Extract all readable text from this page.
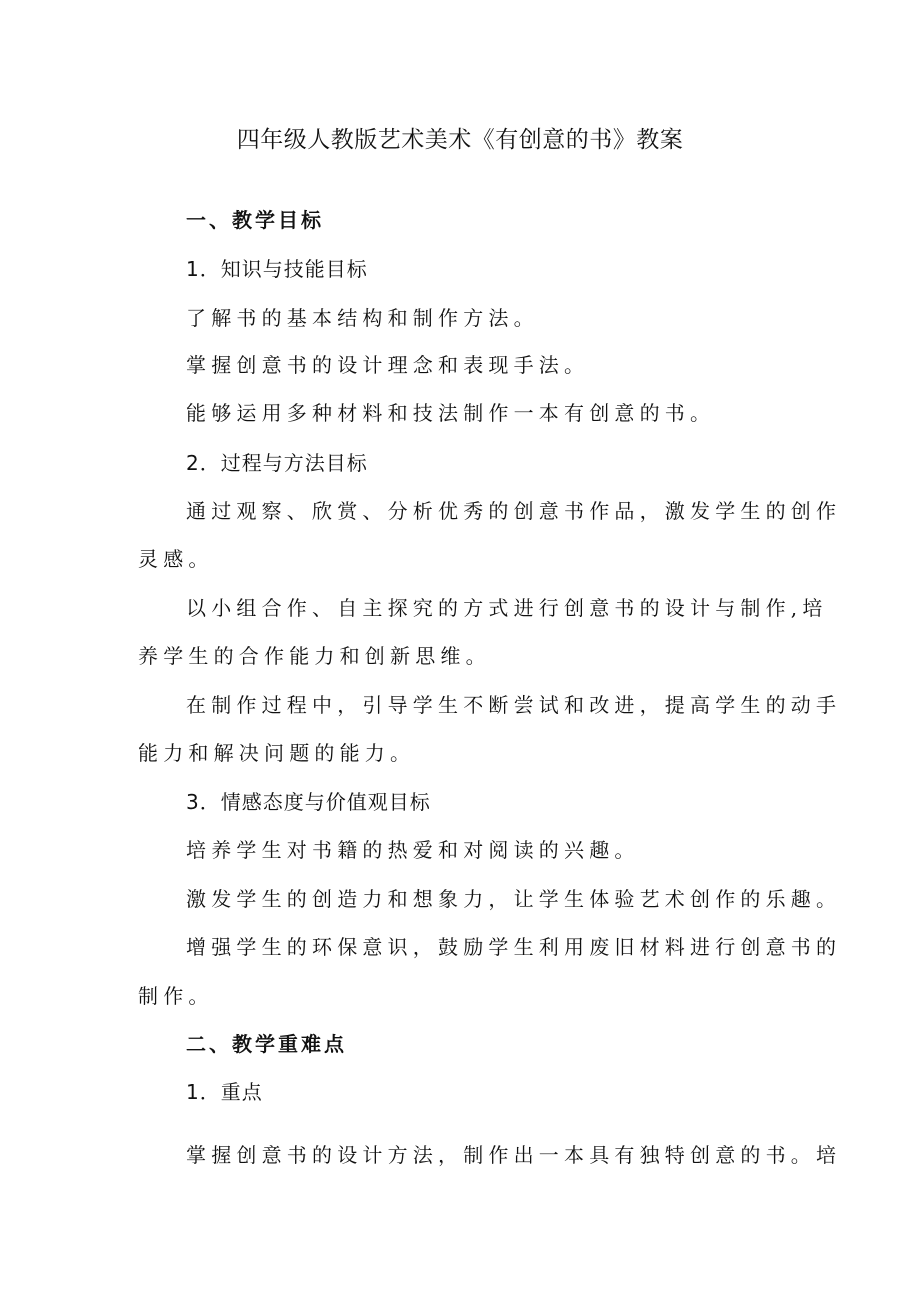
四年级人教版艺术美术《有创意的书》教案
一、教学目标
1．知识与技能目标
了解书的基本结构和制作方法。
掌握创意书的设计理念和表现手法。
能够运用多种材料和技法制作一本有创意的书。
2．过程与方法目标
通过观察、欣赏、分析优秀的创意书作品，激发学生的创作
灵感。
以小组合作、自主探究的方式进行创意书的设计与制作,培
养学生的合作能力和创新思维。
在制作过程中，引导学生不断尝试和改进，提高学生的动手
能力和解决问题的能力。
3．情感态度与价值观目标
培养学生对书籍的热爱和对阅读的兴趣。
激发学生的创造力和想象力，让学生体验艺术创作的乐趣。
增强学生的环保意识，鼓励学生利用废旧材料进行创意书的
制作。
二、教学重难点
1．重点
掌握创意书的设计方法，制作出一本具有独特创意的书。培
